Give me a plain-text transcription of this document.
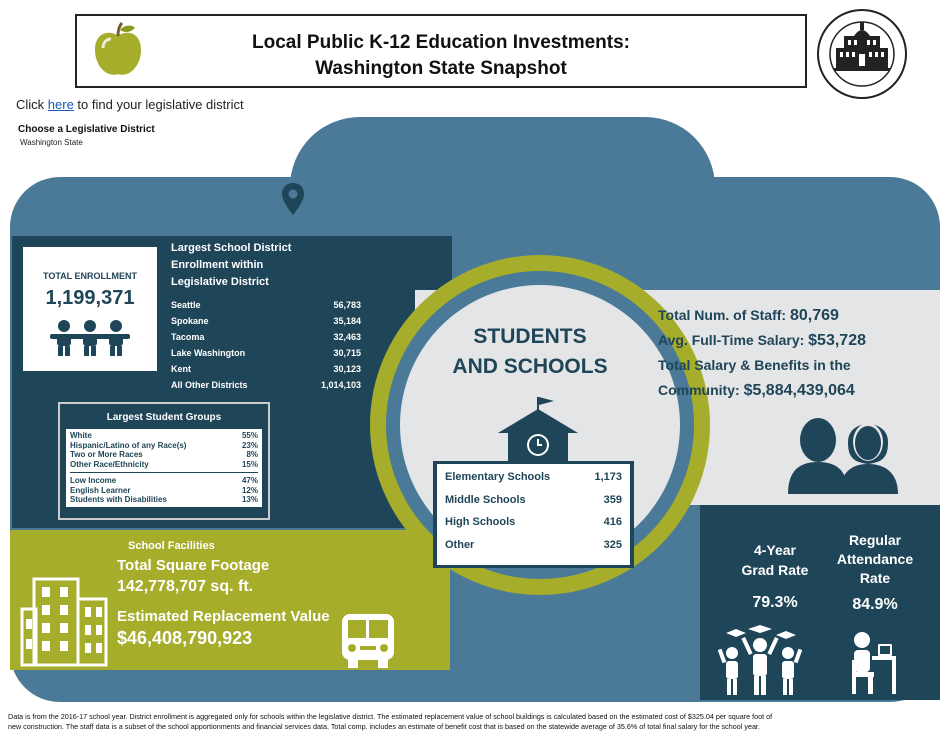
Local Public K-12 Education Investments:
Washington State Snapshot
Click here to find your legislative district
Choose a Legislative District
Washington State
TOTAL ENROLLMENT
1,199,371
Largest School District
Enrollment within
Legislative District
Seattle	56,783
Spokane	35,184
Tacoma	32,463
Lake Washington	30,715
Kent	30,123
All Other Districts	1,014,103
Largest Student Groups
White	55%
Hispanic/Latino of any Race(s)	23%
Two or More Races	8%
Other Race/Ethnicity	15%
Low Income	47%
English Learner	12%
Students with Disabilities	13%
School Facilities
Total Square Footage
142,778,707 sq. ft.
Estimated Replacement Value
$46,408,790,923
STUDENTS
AND SCHOOLS
Elementary Schools	1,173
Middle Schools	359
High Schools	416
Other	325
Total Num. of Staff: 80,769
Avg. Full-Time Salary: $53,728
Total Salary & Benefits in the
Community: $5,884,439,064
4-Year
Grad Rate
79.3%
Regular
Attendance
Rate
84.9%
Data is from the 2016-17 school year. District enrollment is aggregated only for schools within the legislative district. The estimated replacement value of school buildings is calculated based on the estimated cost of $325.04 per square foot of
new construction. The staff data is a subset of the school apportionments and financial services data. Total comp. includes an estimate of benefit cost that is based on the statewide average of 35.6% of total final salary for the school year.
